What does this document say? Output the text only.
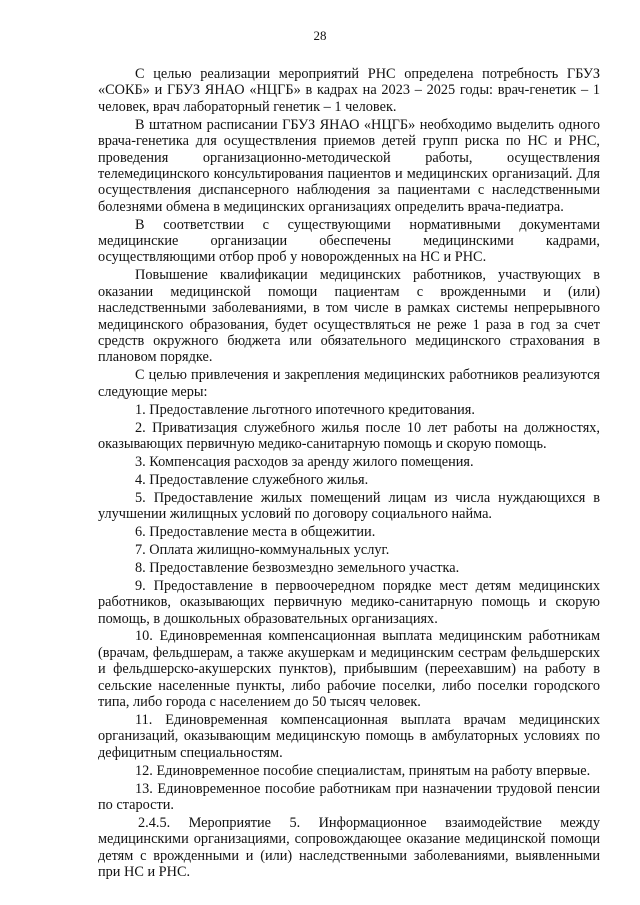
28

С целью реализации мероприятий РНС определена потребность ГБУЗ «СОКБ» и ГБУЗ ЯНАО «НЦГБ» в кадрах на 2023 – 2025 годы: врач-генетик – 1 человек, врач лабораторный генетик – 1 человек.

В штатном расписании ГБУЗ ЯНАО «НЦГБ» необходимо выделить одного врача-генетика для осуществления приемов детей групп риска по НС и РНС, проведения организационно-методической работы, осуществления телемедицинского консультирования пациентов и медицинских организаций. Для осуществления диспансерного наблюдения за пациентами с наследственными болезнями обмена в медицинских организациях определить врача-педиатра.

В соответствии с существующими нормативными документами медицинские организации обеспечены медицинскими кадрами, осуществляющими отбор проб у новорожденных на НС и РНС.

Повышение квалификации медицинских работников, участвующих в оказании медицинской помощи пациентам с врожденными и (или) наследственными заболеваниями, в том числе в рамках системы непрерывного медицинского образования, будет осуществляться не реже 1 раза в год за счет средств окружного бюджета или обязательного медицинского страхования в плановом порядке.

С целью привлечения и закрепления медицинских работников реализуются следующие меры:

1. Предоставление льготного ипотечного кредитования.

2. Приватизация служебного жилья после 10 лет работы на должностях, оказывающих первичную медико-санитарную помощь и скорую помощь.

3. Компенсация расходов за аренду жилого помещения.

4. Предоставление служебного жилья.

5. Предоставление жилых помещений лицам из числа нуждающихся в улучшении жилищных условий по договору социального найма.

6. Предоставление места в общежитии.

7. Оплата жилищно-коммунальных услуг.

8. Предоставление безвозмездно земельного участка.

9. Предоставление в первоочередном порядке мест детям медицинских работников, оказывающих первичную медико-санитарную помощь и скорую помощь, в дошкольных образовательных организациях.

10. Единовременная компенсационная выплата медицинским работникам (врачам, фельдшерам, а также акушеркам и медицинским сестрам фельдшерских и фельдшерско-акушерских пунктов), прибывшим (переехавшим) на работу в сельские населенные пункты, либо рабочие поселки, либо поселки городского типа, либо города с населением до 50 тысяч человек.

11. Единовременная компенсационная выплата врачам медицинских организаций, оказывающим медицинскую помощь в амбулаторных условиях по дефицитным специальностям.

12. Единовременное пособие специалистам, принятым на работу впервые.

13. Единовременное пособие работникам при назначении трудовой пенсии по старости.

2.4.5. Мероприятие 5. Информационное взаимодействие между медицинскими организациями, сопровождающее оказание медицинской помощи детям с врожденными и (или) наследственными заболеваниями, выявленными при НС и РНС.
